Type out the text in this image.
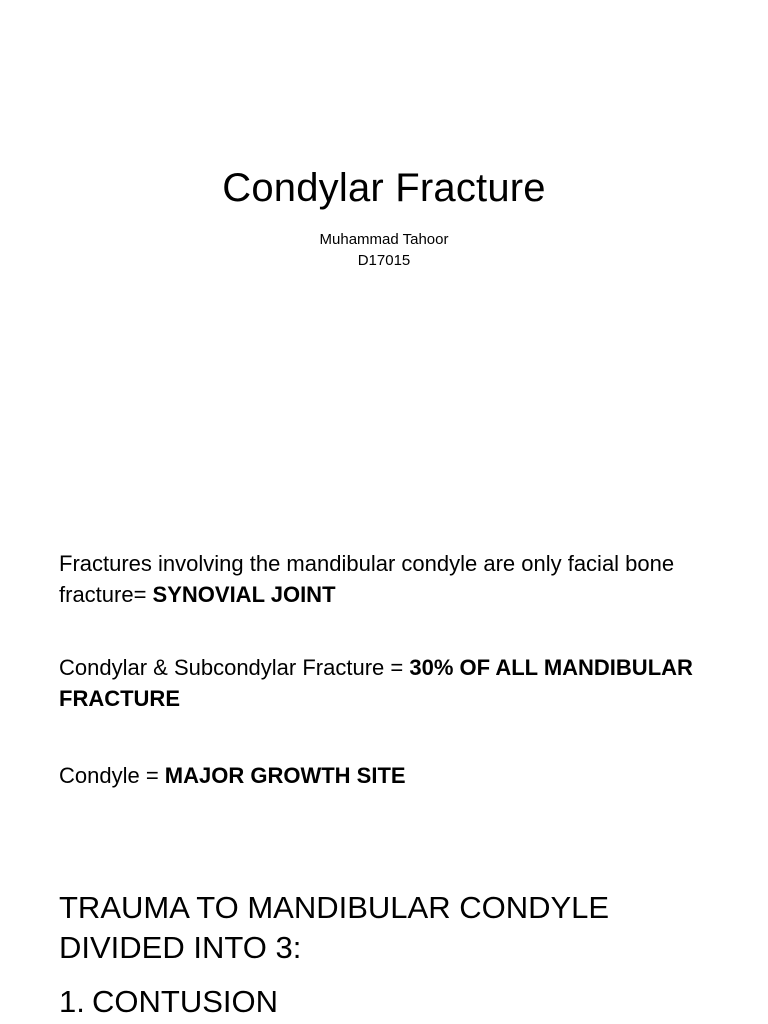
Condylar Fracture
Muhammad Tahoor
D17015
Fractures involving the mandibular condyle are only facial bone fracture= SYNOVIAL JOINT
Condylar & Subcondylar Fracture = 30% OF ALL MANDIBULAR FRACTURE
Condyle = MAJOR GROWTH SITE
TRAUMA TO MANDIBULAR CONDYLE DIVIDED INTO 3:
1. CONTUSION
